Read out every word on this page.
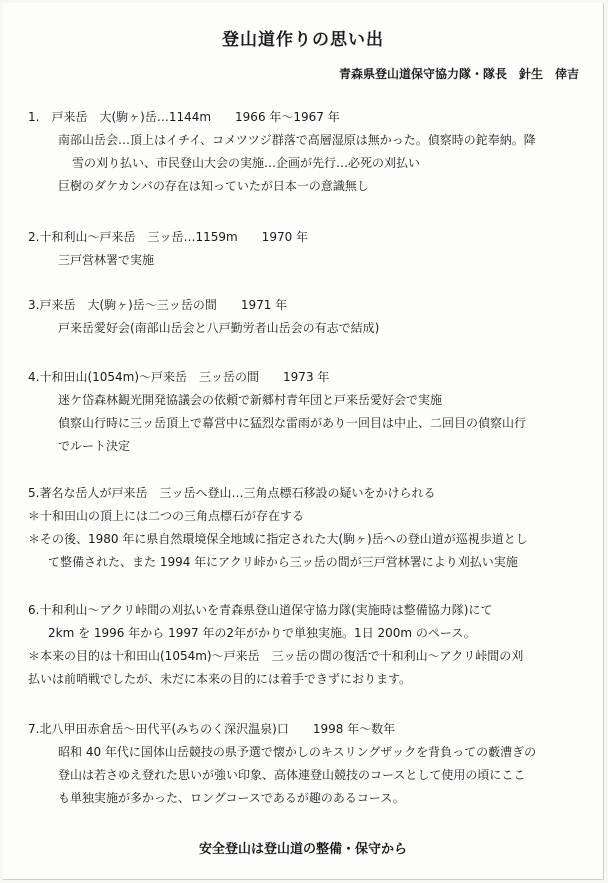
登山道作りの思い出
青森県登山道保守協力隊・隊長　針生　倖吉
1.　戸来岳　大(駒ヶ)岳…1144m　　1966 年～1967 年
南部山岳会…頂上はイチイ、コメツツジ群落で高層湿原は無かった。偵察時の鉈奉納。降
雪の刈り払い、市民登山大会の実施…企画が先行…必死の刈払い
巨樹のダケカンバの存在は知っていたが日本一の意識無し
2.十和利山～戸来岳　三ッ岳…1159m　　1970 年
三戸営林署で実施
3.戸来岳　大(駒ヶ)岳～三ッ岳の間　　1971 年
戸来岳愛好会(南部山岳会と八戸勤労者山岳会の有志で結成)
4.十和田山(1054m)～戸来岳　三ッ岳の間　　1973 年
迷ケ岱森林観光開発協議会の依頼で新郷村青年団と戸来岳愛好会で実施
偵察山行時に三ッ岳頂上で幕営中に猛烈な雷雨があり一回目は中止、二回目の偵察山行
でルート決定
5.著名な岳人が戸来岳　三ッ岳へ登山…三角点標石移設の疑いをかけられる
＊十和田山の頂上には二つの三角点標石が存在する
＊その後、1980 年に県自然環境保全地域に指定された大(駒ヶ)岳への登山道が巡視歩道とし
て整備された、また 1994 年にアクリ峠から三ッ岳の間が三戸営林署により刈払い実施
6.十和利山～アクリ峠間の刈払いを青森県登山道保守協力隊(実施時は整備協力隊)にて
2km を 1996 年から 1997 年の2年がかりで単独実施。1日 200m のペース。
＊本来の目的は十和田山(1054m)～戸来岳　三ッ岳の間の復活で十和利山～アクリ峠間の刈
払いは前哨戦でしたが、未だに本来の目的には着手できずにおります。
7.北八甲田赤倉岳～田代平(みちのく深沢温泉)口　　1998 年～数年
昭和 40 年代に国体山岳競技の県予選で懐かしのキスリングザックを背負っての藪漕ぎの
登山は若さゆえ登れた思いが強い印象、高体連登山競技のコースとして使用の頃にここ
も単独実施が多かった、ロングコースであるが趣のあるコース。
安全登山は登山道の整備・保守から
